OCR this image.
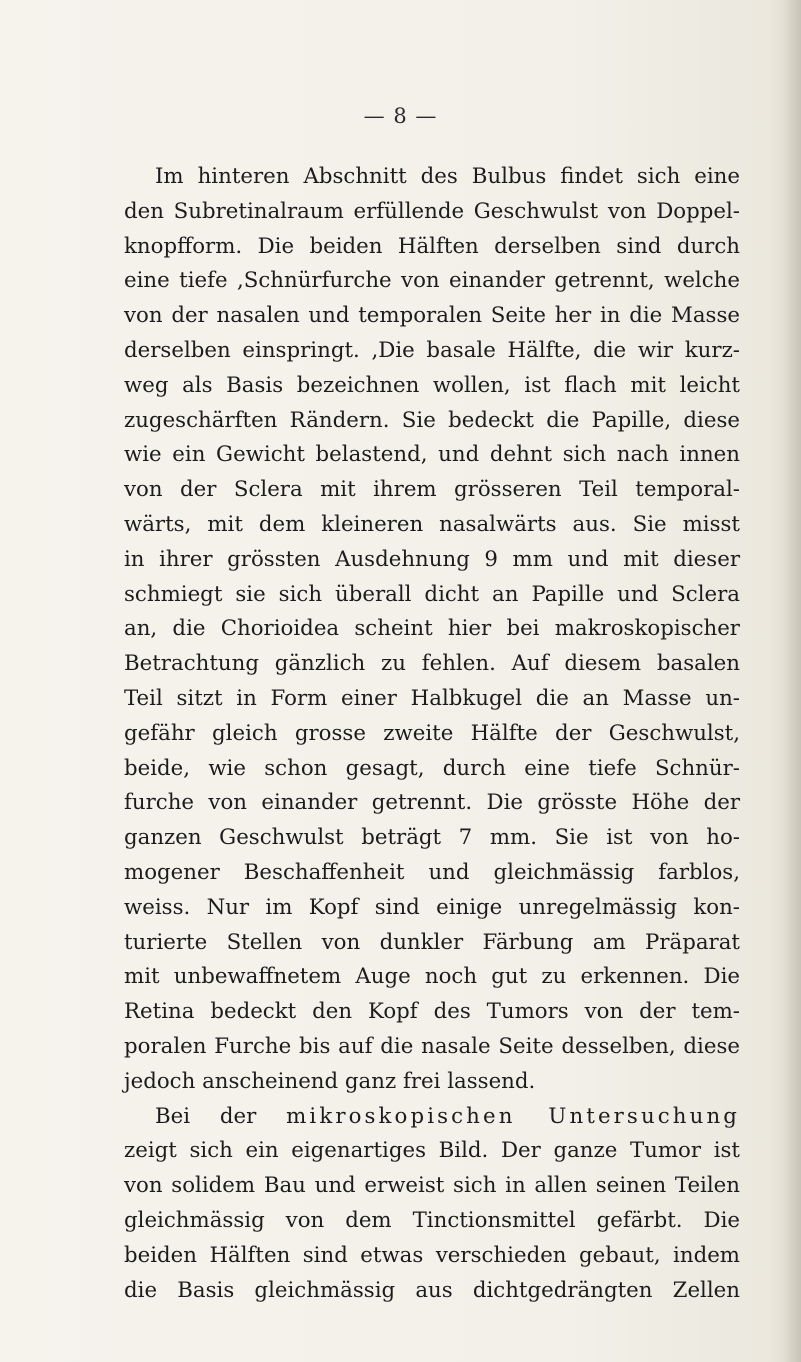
— 8 —
Im hinteren Abschnitt des Bulbus findet sich eine
den Subretinalraum erfüllende Geschwulst von Doppel-
knopfform. Die beiden Hälften derselben sind durch
eine tiefe ,Schnürfurche von einander getrennt, welche
von der nasalen und temporalen Seite her in die Masse
derselben einspringt. ,Die basale Hälfte, die wir kurz-
weg als Basis bezeichnen wollen, ist flach mit leicht
zugeschärften Rändern. Sie bedeckt die Papille, diese
wie ein Gewicht belastend, und dehnt sich nach innen
von der Sclera mit ihrem grösseren Teil temporal-
wärts, mit dem kleineren nasalwärts aus. Sie misst
in ihrer grössten Ausdehnung 9 mm und mit dieser
schmiegt sie sich überall dicht an Papille und Sclera
an, die Chorioidea scheint hier bei makroskopischer
Betrachtung gänzlich zu fehlen. Auf diesem basalen
Teil sitzt in Form einer Halbkugel die an Masse un-
gefähr gleich grosse zweite Hälfte der Geschwulst,
beide, wie schon gesagt, durch eine tiefe Schnür-
furche von einander getrennt. Die grösste Höhe der
ganzen Geschwulst beträgt 7 mm. Sie ist von ho-
mogener Beschaffenheit und gleichmässig farblos,
weiss. Nur im Kopf sind einige unregelmässig kon-
turierte Stellen von dunkler Färbung am Präparat
mit unbewaffnetem Auge noch gut zu erkennen. Die
Retina bedeckt den Kopf des Tumors von der tem-
poralen Furche bis auf die nasale Seite desselben, diese
jedoch anscheinend ganz frei lassend.
Bei der mikroskopischen Untersuchung
zeigt sich ein eigenartiges Bild. Der ganze Tumor ist
von solidem Bau und erweist sich in allen seinen Teilen
gleichmässig von dem Tinctionsmittel gefärbt. Die
beiden Hälften sind etwas verschieden gebaut, indem
die Basis gleichmässig aus dichtgedrängten Zellen
